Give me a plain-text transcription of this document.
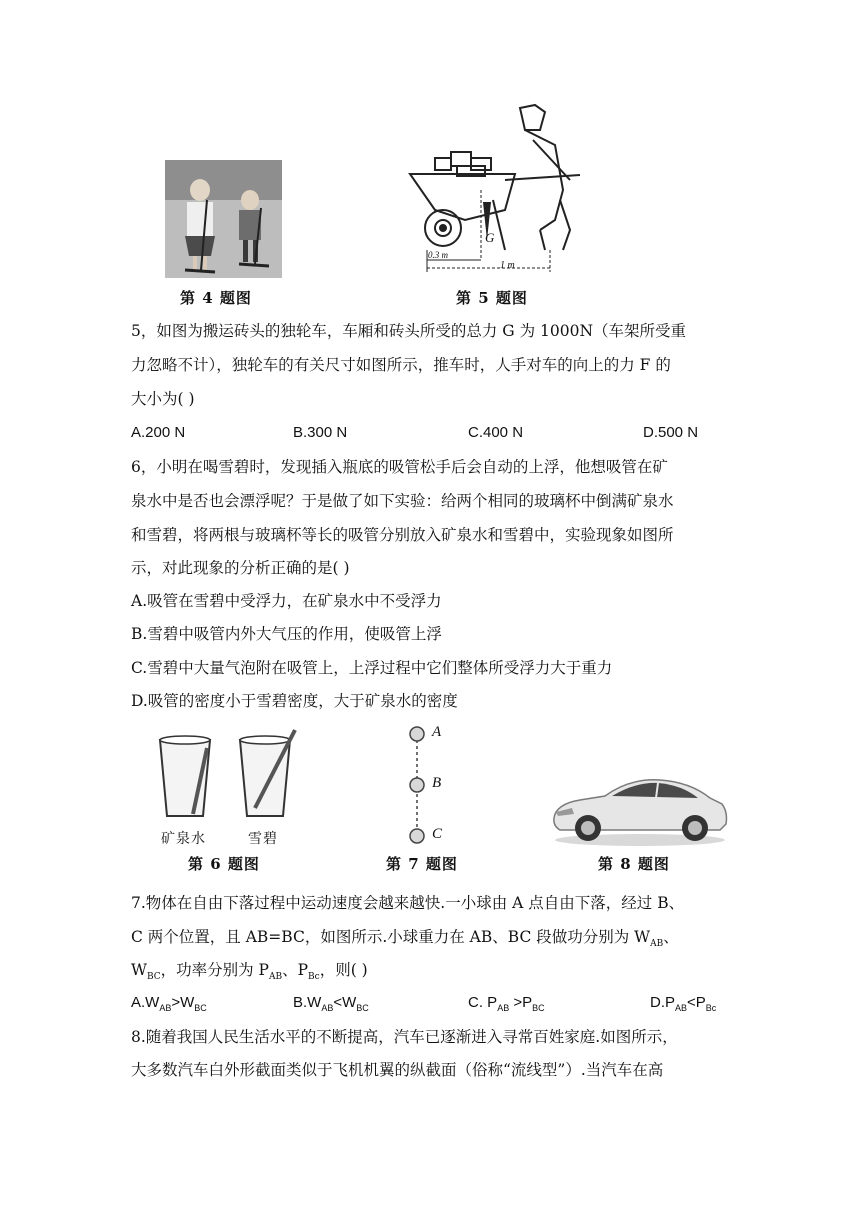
第 4 题图
G
0.3 m
1 m
第 5 题图
5，如图为搬运砖头的独轮车，车厢和砖头所受的总力 G 为 1000N（车架所受重
力忽略不计），独轮车的有关尺寸如图所示，推车时，人手对车的向上的力 F 的
大小为( )
A.200 N	B.300 N	C.400 N	D.500 N
6，小明在喝雪碧时，发现插入瓶底的吸管松手后会自动的上浮，他想吸管在矿
泉水中是否也会漂浮呢？于是做了如下实验：给两个相同的玻璃杯中倒满矿泉水
和雪碧，将两根与玻璃杯等长的吸管分别放入矿泉水和雪碧中，实验现象如图所
示，对此现象的分析正确的是( )
A.吸管在雪碧中受浮力，在矿泉水中不受浮力
B.雪碧中吸管内外大气压的作用，使吸管上浮
C.雪碧中大量气泡附在吸管上，上浮过程中它们整体所受浮力大于重力
D.吸管的密度小于雪碧密度，大于矿泉水的密度
矿泉水	雪碧
第 6 题图
A
B
C
第 7 题图	第 8 题图
7.物体在自由下落过程中运动速度会越来越快.一小球由 A 点自由下落，经过 B、
C 两个位置，且 AB=BC，如图所示.小球重力在 AB、BC 段做功分别为 $W_{AB}$、
$W_{BC}$，功率分别为 $P_{AB}$、$P_{Bc}$，则( )
$A.W_{AB}>W_{BC}$	$B.W_{AB}<W_{BC}$	C. $P_{AB} >P_{BC}$	$D.P_{AB}<P_{Bc}$
8.随着我国人民生活水平的不断提高，汽车已逐渐进入寻常百姓家庭.如图所示，
大多数汽车白外形截面类似于飞机机翼的纵截面（俗称“流线型”）.当汽车在高
